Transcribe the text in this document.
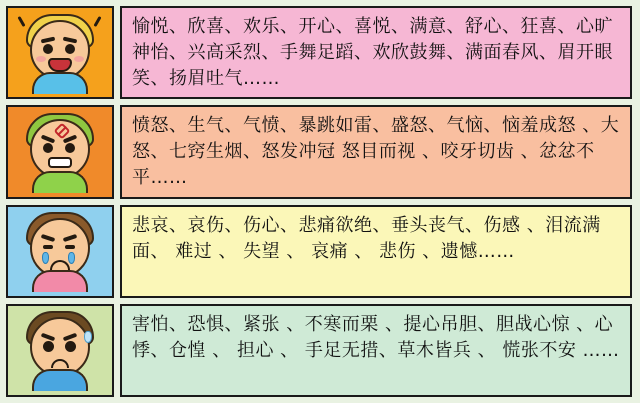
愉悦、欣喜、欢乐、开心、喜悦、满意、舒心、狂喜、心旷神怡、兴高采烈、手舞足蹈、欢欣鼓舞、满面春风、眉开眼笑、扬眉吐气……

愤怒、生气、气愤、暴跳如雷、盛怒、气恼、恼羞成怒 、大怒、七窍生烟、怒发冲冠 怒目而视 、咬牙切齿 、忿忿不平……

悲哀、哀伤、伤心、悲痛欲绝、垂头丧气、伤感 、泪流满面、 难过 、 失望 、 哀痛 、 悲伤 、遗憾……

害怕、恐惧、紧张 、不寒而栗 、提心吊胆、胆战心惊 、心悸、仓惶 、 担心 、 手足无措、草木皆兵 、 慌张不安 ……
